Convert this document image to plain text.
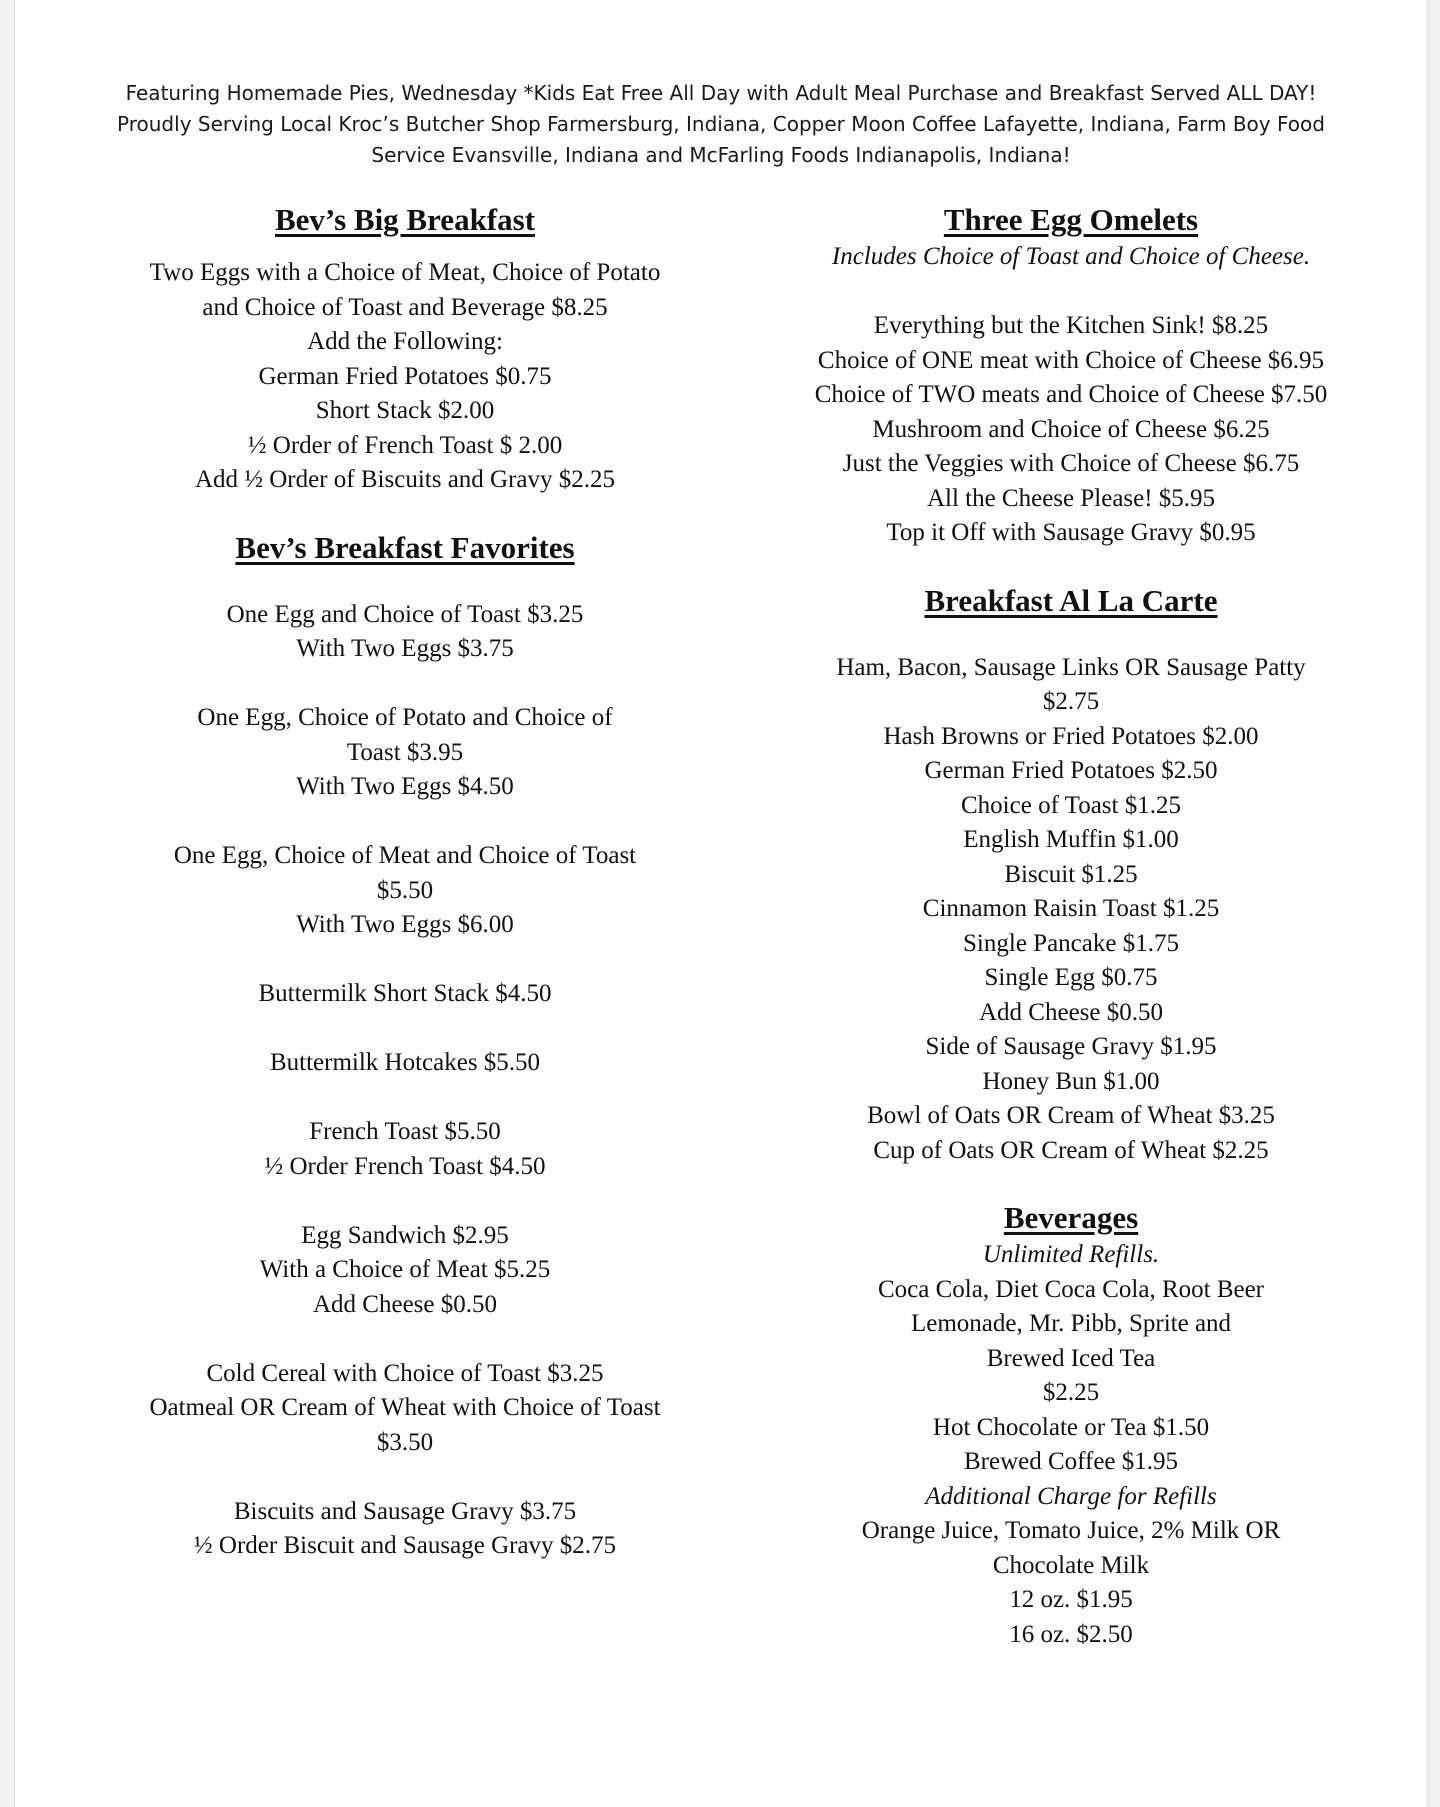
Featuring Homemade Pies, Wednesday *Kids Eat Free All Day with Adult Meal Purchase and Breakfast Served ALL DAY!
Proudly Serving Local Kroc’s Butcher Shop Farmersburg, Indiana, Copper Moon Coffee Lafayette, Indiana, Farm Boy Food
Service Evansville, Indiana and McFarling Foods Indianapolis, Indiana!
Bev’s Big Breakfast
Two Eggs with a Choice of Meat, Choice of Potato
and Choice of Toast and Beverage $8.25
Add the Following:
German Fried Potatoes $0.75
Short Stack $2.00
½ Order of French Toast $ 2.00
Add ½ Order of Biscuits and Gravy $2.25
Bev’s Breakfast Favorites
One Egg and Choice of Toast $3.25
With Two Eggs $3.75
One Egg, Choice of Potato and Choice of
Toast $3.95
With Two Eggs $4.50
One Egg, Choice of Meat and Choice of Toast
$5.50
With Two Eggs $6.00
Buttermilk Short Stack $4.50
Buttermilk Hotcakes $5.50
French Toast $5.50
½ Order French Toast $4.50
Egg Sandwich $2.95
With a Choice of Meat $5.25
Add Cheese $0.50
Cold Cereal with Choice of Toast $3.25
Oatmeal OR Cream of Wheat with Choice of Toast
$3.50
Biscuits and Sausage Gravy $3.75
½ Order Biscuit and Sausage Gravy $2.75
Three Egg Omelets
Includes Choice of Toast and Choice of Cheese.
Everything but the Kitchen Sink! $8.25
Choice of ONE meat with Choice of Cheese $6.95
Choice of TWO meats and Choice of Cheese $7.50
Mushroom and Choice of Cheese $6.25
Just the Veggies with Choice of Cheese $6.75
All the Cheese Please! $5.95
Top it Off with Sausage Gravy $0.95
Breakfast Al La Carte
Ham, Bacon, Sausage Links OR Sausage Patty
$2.75
Hash Browns or Fried Potatoes $2.00
German Fried Potatoes $2.50
Choice of Toast $1.25
English Muffin $1.00
Biscuit $1.25
Cinnamon Raisin Toast $1.25
Single Pancake $1.75
Single Egg $0.75
Add Cheese $0.50
Side of Sausage Gravy $1.95
Honey Bun $1.00
Bowl of Oats OR Cream of Wheat $3.25
Cup of Oats OR Cream of Wheat $2.25
Beverages
Unlimited Refills.
Coca Cola, Diet Coca Cola, Root Beer
Lemonade, Mr. Pibb, Sprite and
Brewed Iced Tea
$2.25
Hot Chocolate or Tea $1.50
Brewed Coffee $1.95
Additional Charge for Refills
Orange Juice, Tomato Juice, 2% Milk OR
Chocolate Milk
12 oz. $1.95
16 oz. $2.50
